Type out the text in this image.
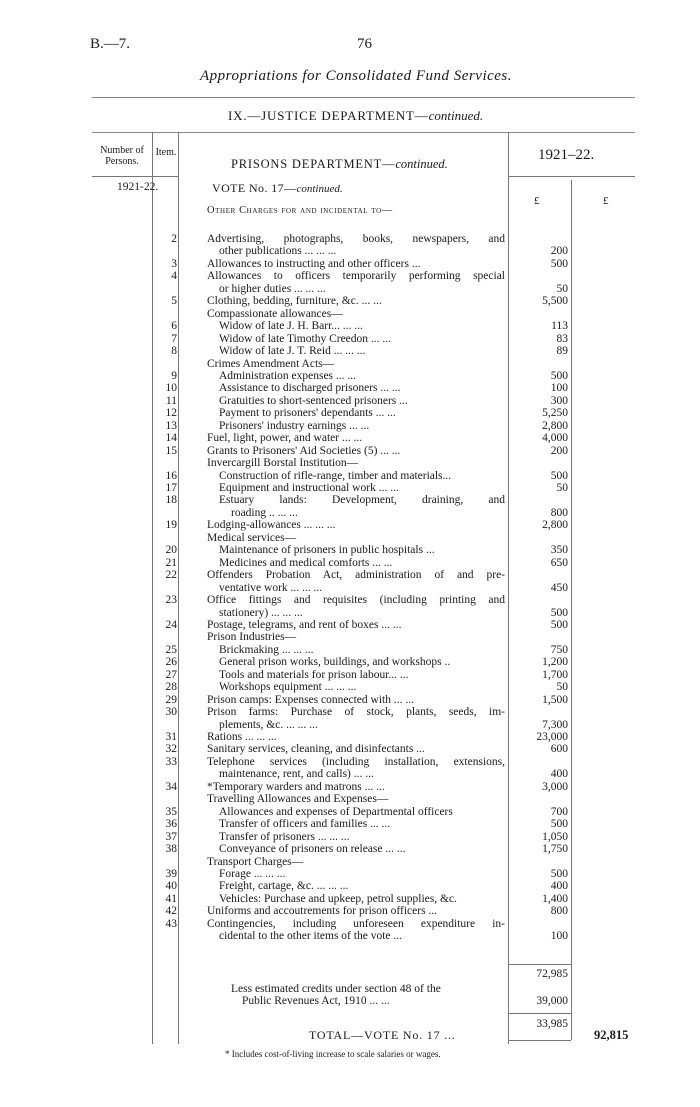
B.—7.	76
Appropriations for Consolidated Fund Services.
IX.—JUSTICE DEPARTMENT—continued.
Number of Persons.
Item.
PRISONS DEPARTMENT—continued.
1921–22.
1921-22.	VOTE No. 17—continued.
£	£
Other Charges for and incidental to—
2	Advertising, photographs, books, newspapers, and
other publications ... ... ...	200
3	Allowances to instructing and other officers ...	500
4	Allowances to officers temporarily performing special
or higher duties ... ... ...	50
5	Clothing, bedding, furniture, &c. ... ...	5,500
Compassionate allowances—
6	Widow of late J. H. Barr... ... ...	113
7	Widow of late Timothy Creedon ... ...	83
8	Widow of late J. T. Reid ... ... ...	89
Crimes Amendment Acts—
9	Administration expenses ... ...	500
10	Assistance to discharged prisoners ... ...	100
11	Gratuities to short-sentenced prisoners ...	300
12	Payment to prisoners' dependants ... ...	5,250
13	Prisoners' industry earnings ... ...	2,800
14	Fuel, light, power, and water ... ...	4,000
15	Grants to Prisoners' Aid Societies (5) ... ...	200
Invercargill Borstal Institution—
16	Construction of rifle-range, timber and materials...	500
17	Equipment and instructional work ... ...	50
18	Estuary lands: Development, draining, and
roading .. ... ...	800
19	Lodging-allowances ... ... ...	2,800
Medical services—
20	Maintenance of prisoners in public hospitals ...	350
21	Medicines and medical comforts ... ...	650
22	Offenders Probation Act, administration of and pre-
ventative work ... ... ...	450
23	Office fittings and requisites (including printing and
stationery) ... ... ...	500
24	Postage, telegrams, and rent of boxes ... ...	500
Prison Industries—
25	Brickmaking ... ... ...	750
26	General prison works, buildings, and workshops ..	1,200
27	Tools and materials for prison labour... ...	1,700
28	Workshops equipment ... ... ...	50
29	Prison camps: Expenses connected with ... ...	1,500
30	Prison farms: Purchase of stock, plants, seeds, im-
plements, &c. ... ... ...	7,300
31	Rations ... ... ...	23,000
32	Sanitary services, cleaning, and disinfectants ...	600
33	Telephone services (including installation, extensions,
maintenance, rent, and calls) ... ...	400
34	*Temporary warders and matrons ... ...	3,000
Travelling Allowances and Expenses—
35	Allowances and expenses of Departmental officers	700
36	Transfer of officers and families ... ...	500
37	Transfer of prisoners ... ... ...	1,050
38	Conveyance of prisoners on release ... ...	1,750
Transport Charges—
39	Forage ... ... ...	500
40	Freight, cartage, &c. ... ... ...	400
41	Vehicles: Purchase and upkeep, petrol supplies, &c.	1,400
42	Uniforms and accoutrements for prison officers ...	800
43	Contingencies, including unforeseen expenditure in-
cidental to the other items of the vote ...	100
72,985
Less estimated credits under section 48 of the
Public Revenues Act, 1910 ... ...	39,000
33,985
TOTAL—VOTE No. 17 ...	92,815
* Includes cost-of-living increase to scale salaries or wages.
